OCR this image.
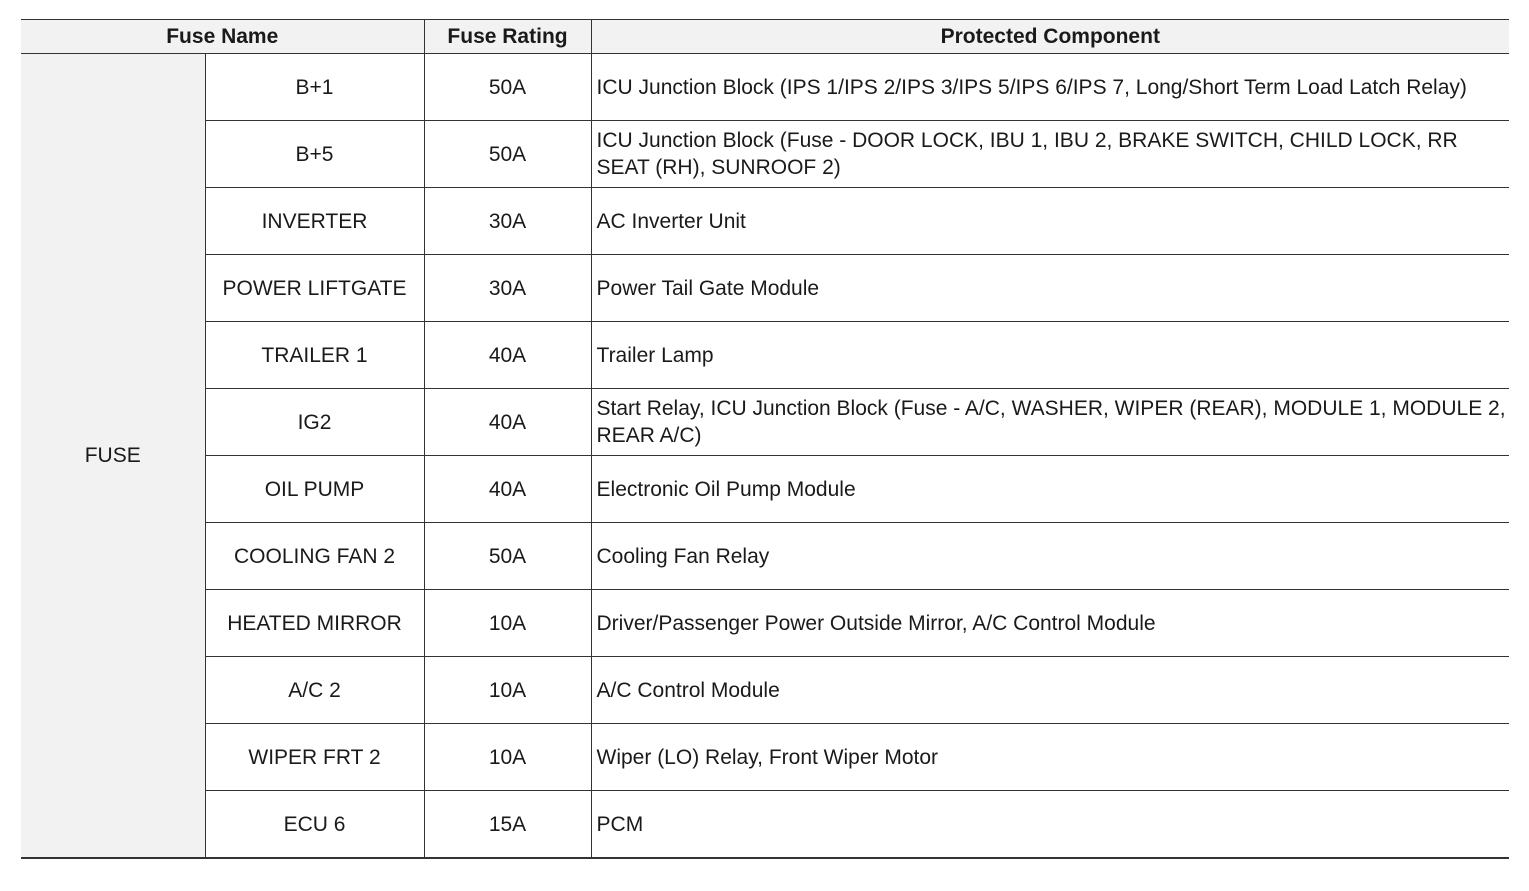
Fuse Name		Fuse Rating	Protected Component
FUSE	B+1	50A	ICU Junction Block (IPS 1/IPS 2/IPS 3/IPS 5/IPS 6/IPS 7, Long/Short Term Load Latch Relay)
	B+5	50A	ICU Junction Block (Fuse - DOOR LOCK, IBU 1, IBU 2, BRAKE SWITCH, CHILD LOCK, RR SEAT (RH), SUNROOF 2)
	INVERTER	30A	AC Inverter Unit
	POWER LIFTGATE	30A	Power Tail Gate Module
	TRAILER 1	40A	Trailer Lamp
	IG2	40A	Start Relay, ICU Junction Block (Fuse - A/C, WASHER, WIPER (REAR), MODULE 1, MODULE 2, REAR A/C)
	OIL PUMP	40A	Electronic Oil Pump Module
	COOLING FAN 2	50A	Cooling Fan Relay
	HEATED MIRROR	10A	Driver/Passenger Power Outside Mirror, A/C Control Module
	A/C 2	10A	A/C Control Module
	WIPER FRT 2	10A	Wiper (LO) Relay, Front Wiper Motor
	ECU 6	15A	PCM
